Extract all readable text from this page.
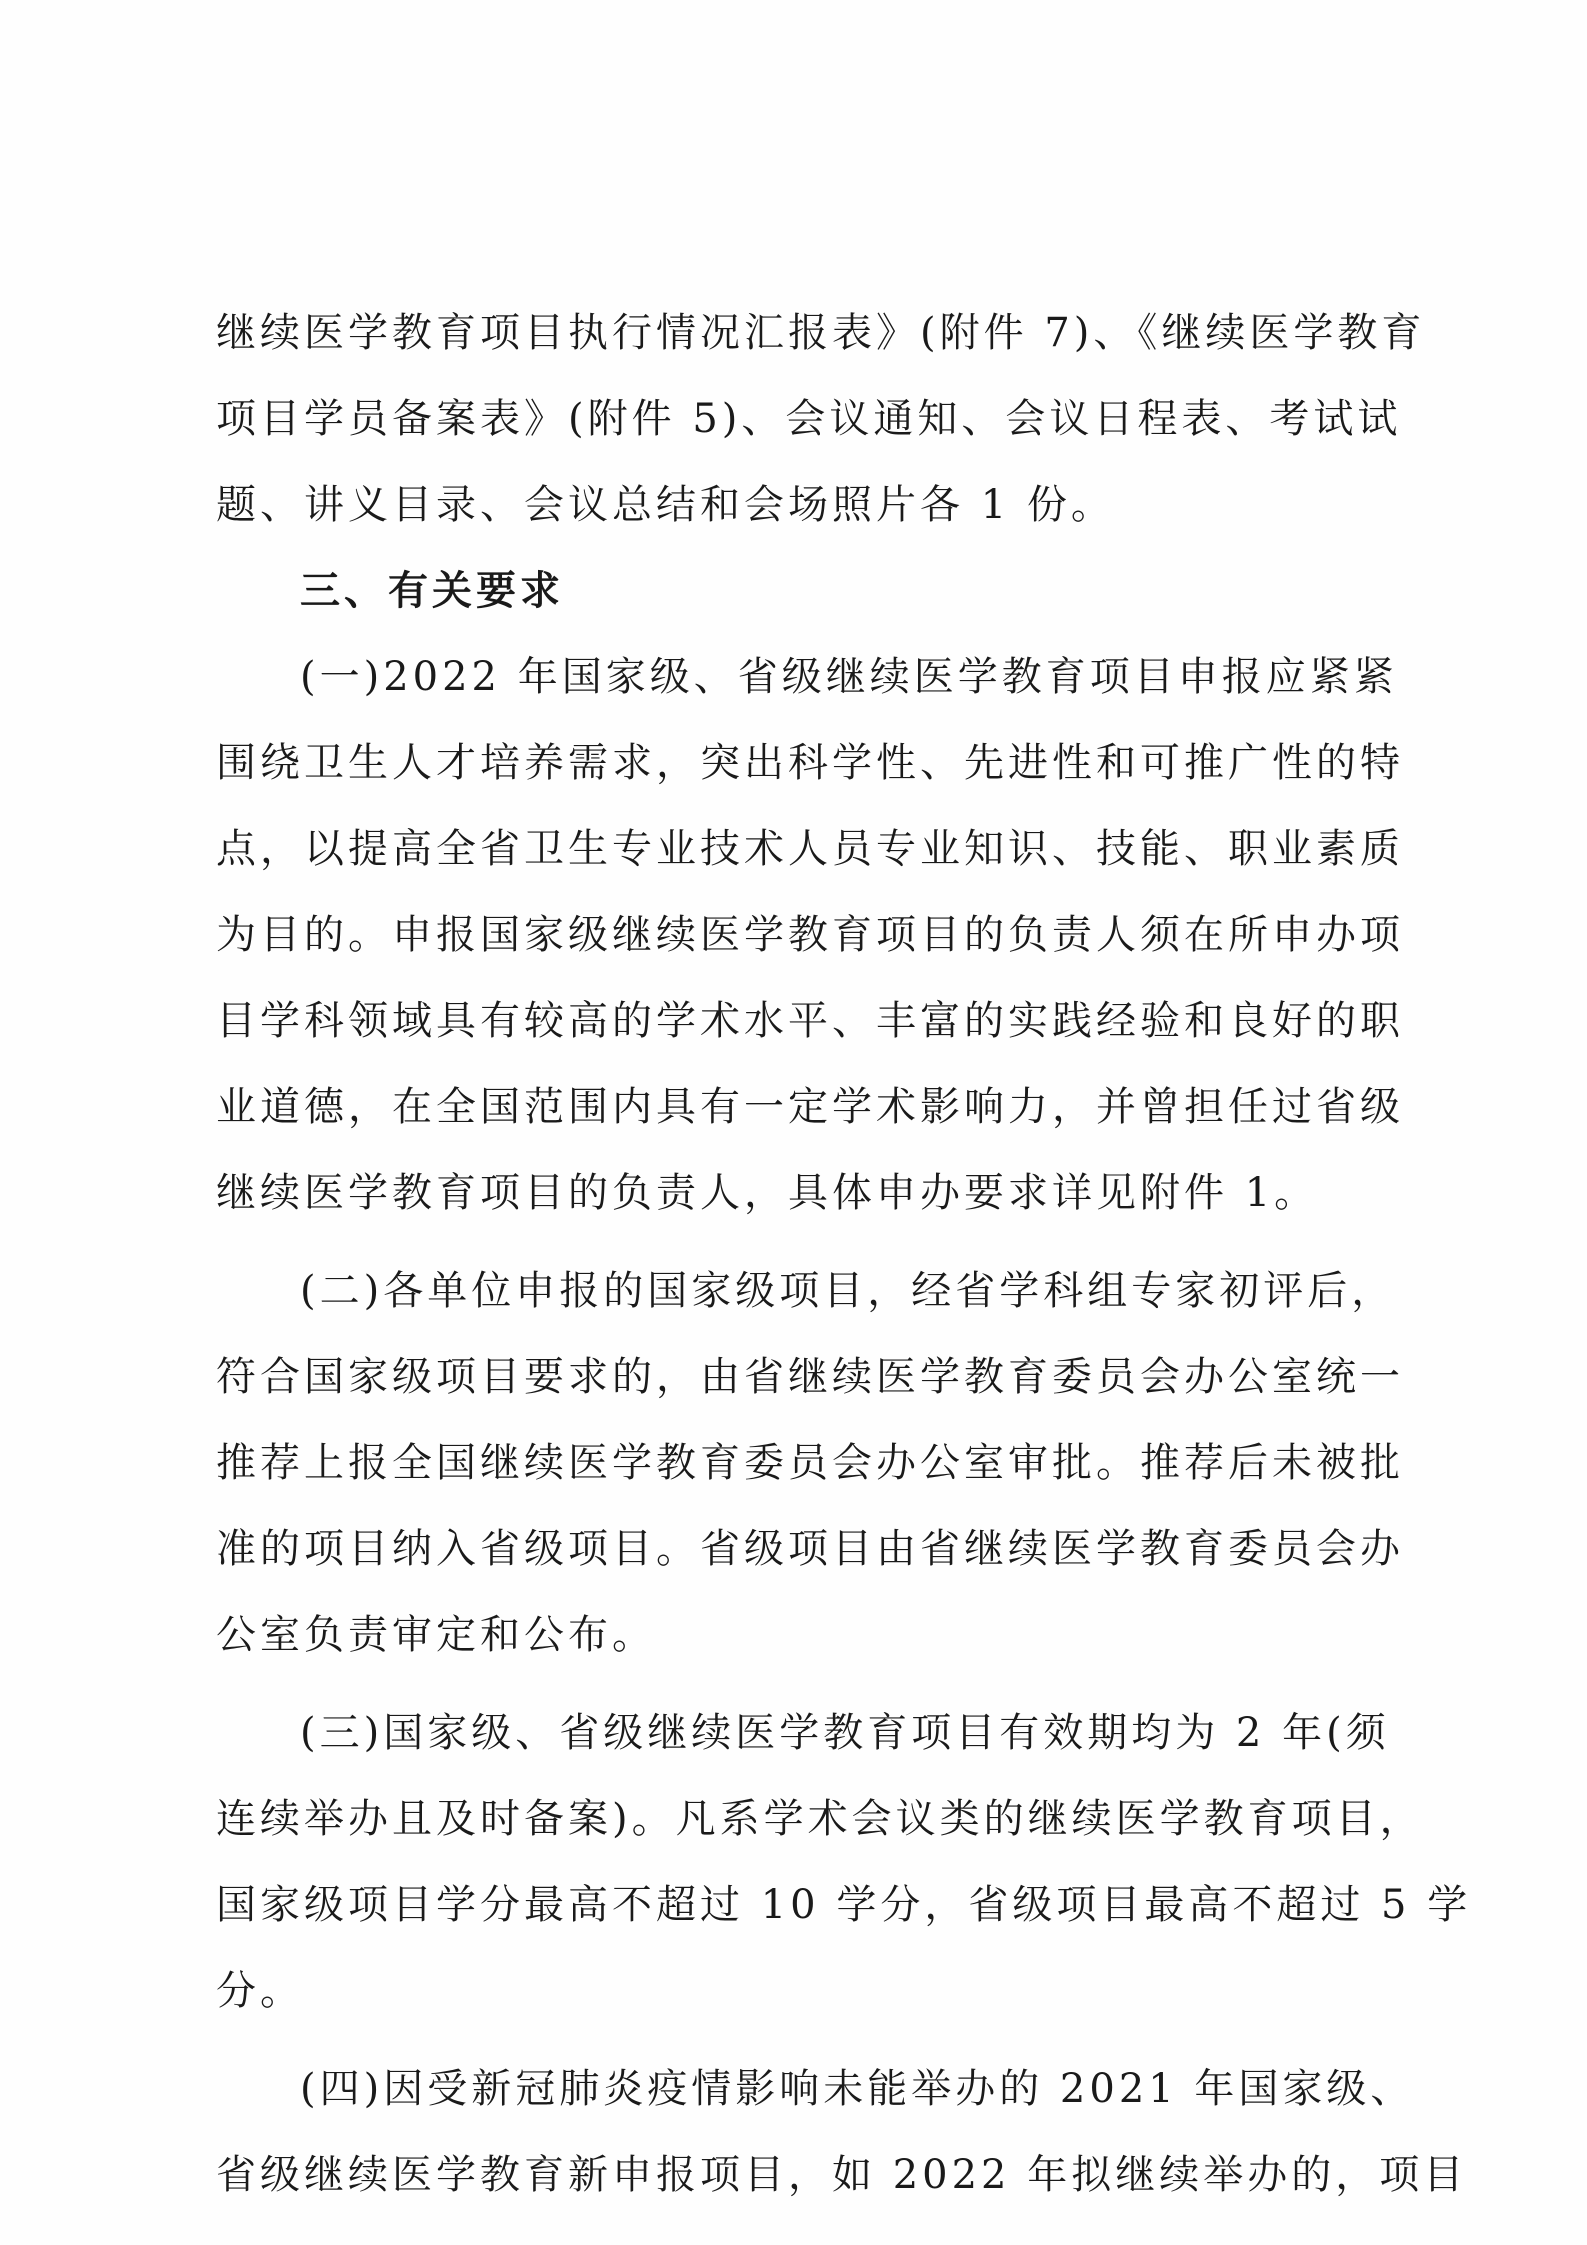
继续医学教育项目执行情况汇报表》(附件 7)、《继续医学教育
项目学员备案表》(附件 5)、会议通知、会议日程表、考试试
题、讲义目录、会议总结和会场照片各 1 份。
三、有关要求
(一)2022 年国家级、省级继续医学教育项目申报应紧紧
围绕卫生人才培养需求，突出科学性、先进性和可推广性的特
点，以提高全省卫生专业技术人员专业知识、技能、职业素质
为目的。申报国家级继续医学教育项目的负责人须在所申办项
目学科领域具有较高的学术水平、丰富的实践经验和良好的职
业道德，在全国范围内具有一定学术影响力，并曾担任过省级
继续医学教育项目的负责人，具体申办要求详见附件 1。
(二)各单位申报的国家级项目，经省学科组专家初评后，
符合国家级项目要求的，由省继续医学教育委员会办公室统一
推荐上报全国继续医学教育委员会办公室审批。推荐后未被批
准的项目纳入省级项目。省级项目由省继续医学教育委员会办
公室负责审定和公布。
(三)国家级、省级继续医学教育项目有效期均为 2 年(须
连续举办且及时备案)。凡系学术会议类的继续医学教育项目，
国家级项目学分最高不超过 10 学分，省级项目最高不超过 5 学
分。
(四)因受新冠肺炎疫情影响未能举办的 2021 年国家级、
省级继续医学教育新申报项目，如 2022 年拟继续举办的，项目
